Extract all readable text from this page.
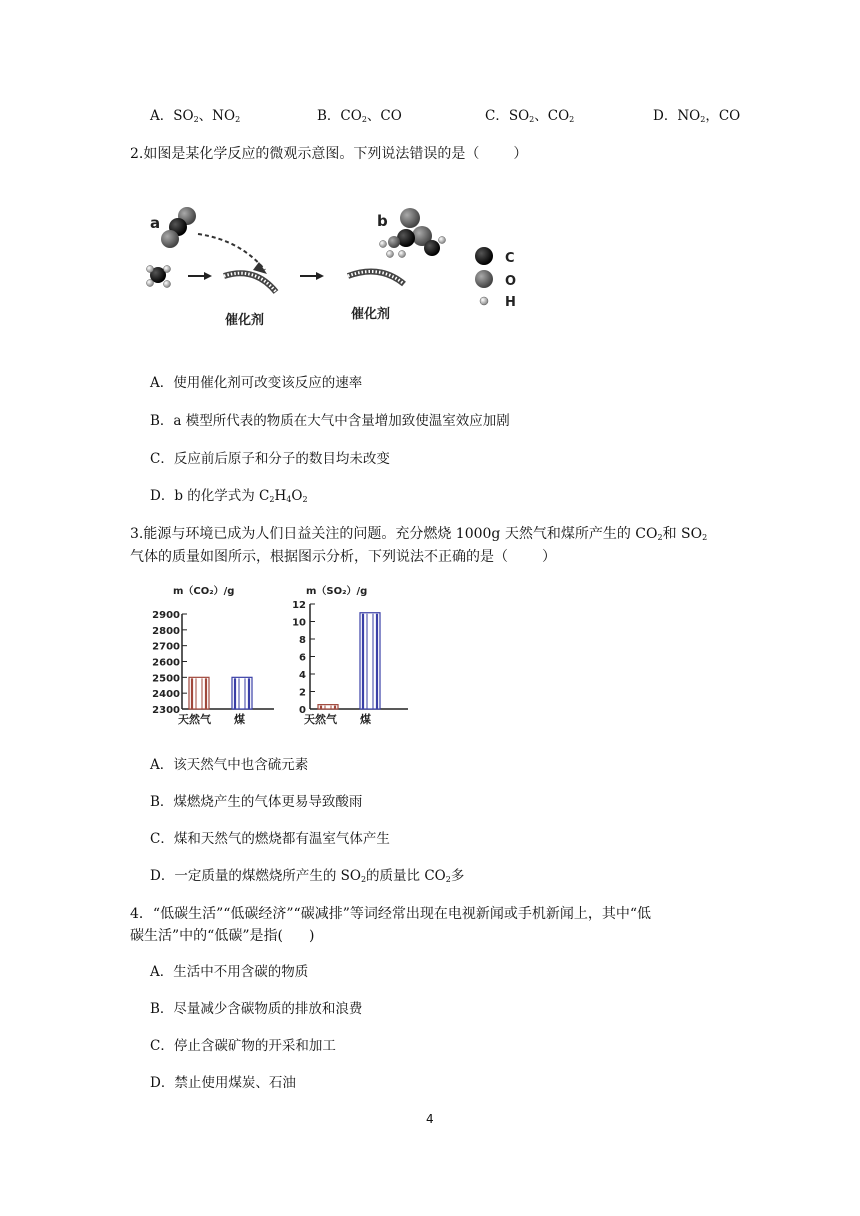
A．$SO_2$、$NO_2$	B．$CO_2$、CO	C．$SO_2$、$CO_2$	D．$NO_2$，CO
2.如图是某化学反应的微观示意图。下列说法错误的是（ ）
a
催化剂	催化剂
b
C
O
H
A．使用催化剂可改变该反应的速率
B．a 模型所代表的物质在大气中含量增加致使温室效应加剧
C．反应前后原子和分子的数目均未改变
D．b 的化学式为 $C_2H_4O_2$
3.能源与环境已成为人们日益关注的问题。充分燃烧 1000g 天然气和煤所产生的 $CO_2$和 $SO_2$
气体的质量如图所示，根据图示分析，下列说法不正确的是（ ）
m（CO₂）/g
2300
2400
2500
2600
2700
2800
2900
天然气 煤
m（SO₂）/g
0
2
4
6
8
10
12
天然气 煤
A．该天然气中也含硫元素
B．煤燃烧产生的气体更易导致酸雨
C．煤和天然气的燃烧都有温室气体产生
D．一定质量的煤燃烧所产生的 $SO_2$的质量比 $CO_2$多
4．“低碳生活”“低碳经济”“碳减排”等词经常出现在电视新闻或手机新闻上，其中“低
碳生活”中的“低碳”是指( )
A．生活中不用含碳的物质
B．尽量减少含碳物质的排放和浪费
C．停止含碳矿物的开采和加工
D．禁止使用煤炭、石油
4
